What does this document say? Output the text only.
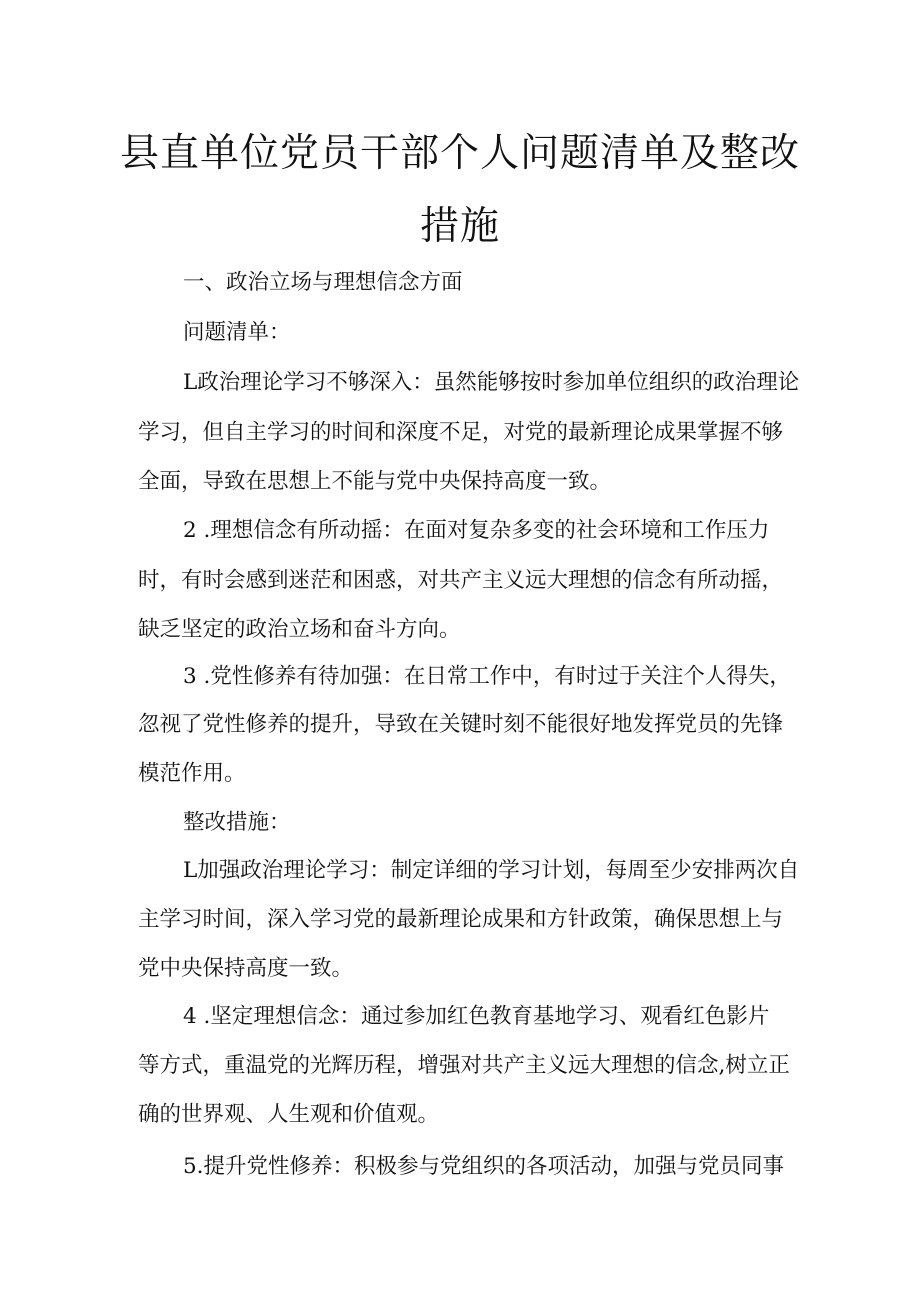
县直单位党员干部个人问题清单及整改
措施

一、政治立场与理想信念方面

问题清单：

L政治理论学习不够深入：虽然能够按时参加单位组织的政治理论

学习，但自主学习的时间和深度不足，对党的最新理论成果掌握不够

全面，导致在思想上不能与党中央保持高度一致。

2 .理想信念有所动摇：在面对复杂多变的社会环境和工作压力

时，有时会感到迷茫和困惑，对共产主义远大理想的信念有所动摇，

缺乏坚定的政治立场和奋斗方向。

3 .党性修养有待加强：在日常工作中，有时过于关注个人得失，

忽视了党性修养的提升，导致在关键时刻不能很好地发挥党员的先锋

模范作用。

整改措施：

L加强政治理论学习：制定详细的学习计划，每周至少安排两次自

主学习时间，深入学习党的最新理论成果和方针政策，确保思想上与

党中央保持高度一致。

4 .坚定理想信念：通过参加红色教育基地学习、观看红色影片

等方式，重温党的光辉历程，增强对共产主义远大理想的信念,树立正

确的世界观、人生观和价值观。

5.提升党性修养：积极参与党组织的各项活动，加强与党员同事
